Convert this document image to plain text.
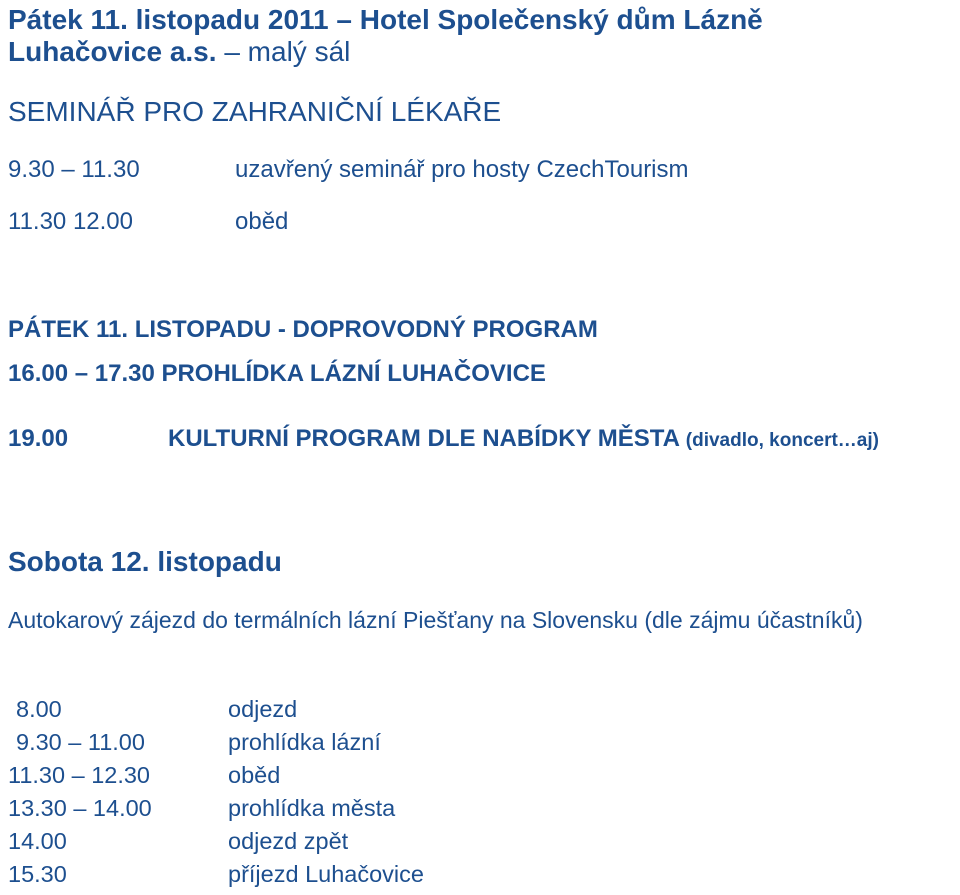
Pátek 11. listopadu 2011 – Hotel Společenský dům Lázně
Luhačovice a.s. – malý sál
SEMINÁŘ PRO ZAHRANIČNÍ LÉKAŘE
9.30 – 11.30	uzavřený seminář pro hosty CzechTourism
11.30 12.00	oběd
PÁTEK 11. LISTOPADU - DOPROVODNÝ PROGRAM
16.00 – 17.30 PROHLÍDKA LÁZNÍ LUHAČOVICE
19.00	KULTURNÍ PROGRAM DLE NABÍDKY MĚSTA (divadlo, koncert…aj)
Sobota 12. listopadu
Autokarový zájezd do termálních lázní Piešťany na Slovensku (dle zájmu účastníků)
8.00	odjezd
9.30 – 11.00	prohlídka lázní
11.30 – 12.30	oběd
13.30 – 14.00	prohlídka města
14.00	odjezd zpět
15.30	příjezd Luhačovice
